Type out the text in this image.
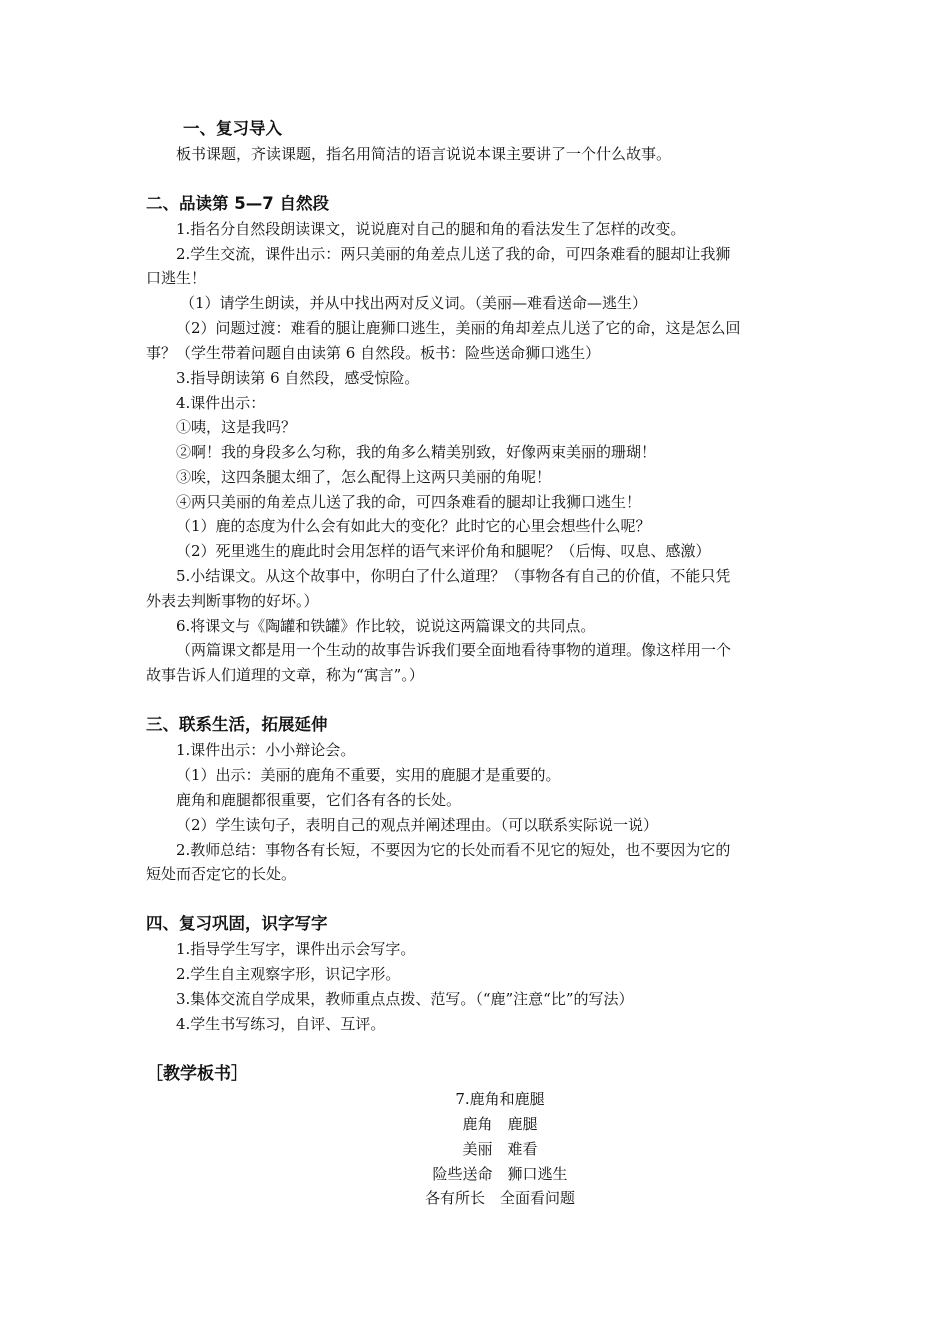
一、复习导入
板书课题，齐读课题，指名用简洁的语言说说本课主要讲了一个什么故事。
二、品读第 5—7 自然段
1.指名分自然段朗读课文，说说鹿对自己的腿和角的看法发生了怎样的改变。
2.学生交流，课件出示：两只美丽的角差点儿送了我的命，可四条难看的腿却让我狮
口逃生！
（1）请学生朗读，并从中找出两对反义词。（美丽—难看送命—逃生）
（2）问题过渡：难看的腿让鹿狮口逃生，美丽的角却差点儿送了它的命，这是怎么回
事？（学生带着问题自由读第 6 自然段。板书：险些送命狮口逃生）
3.指导朗读第 6 自然段，感受惊险。
4.课件出示：
①咦，这是我吗？
②啊！我的身段多么匀称，我的角多么精美别致，好像两束美丽的珊瑚！
③唉，这四条腿太细了，怎么配得上这两只美丽的角呢！
④两只美丽的角差点儿送了我的命，可四条难看的腿却让我狮口逃生！
（1）鹿的态度为什么会有如此大的变化？此时它的心里会想些什么呢？
（2）死里逃生的鹿此时会用怎样的语气来评价角和腿呢？（后悔、叹息、感激）
5.小结课文。从这个故事中，你明白了什么道理？（事物各有自己的价值，不能只凭
外表去判断事物的好坏。）
6.将课文与《陶罐和铁罐》作比较，说说这两篇课文的共同点。
（两篇课文都是用一个生动的故事告诉我们要全面地看待事物的道理。像这样用一个
故事告诉人们道理的文章，称为“寓言”。）
三、联系生活，拓展延伸
1.课件出示：小小辩论会。
（1）出示：美丽的鹿角不重要，实用的鹿腿才是重要的。
鹿角和鹿腿都很重要，它们各有各的长处。
（2）学生读句子，表明自己的观点并阐述理由。（可以联系实际说一说）
2.教师总结：事物各有长短，不要因为它的长处而看不见它的短处，也不要因为它的
短处而否定它的长处。
四、复习巩固，识字写字
1.指导学生写字，课件出示会写字。
2.学生自主观察字形，识记字形。
3.集体交流自学成果，教师重点点拨、范写。（“鹿”注意“比”的写法）
4.学生书写练习，自评、互评。
［教学板书］
7.鹿角和鹿腿
鹿角　鹿腿
美丽　难看
险些送命　狮口逃生
各有所长　全面看问题
